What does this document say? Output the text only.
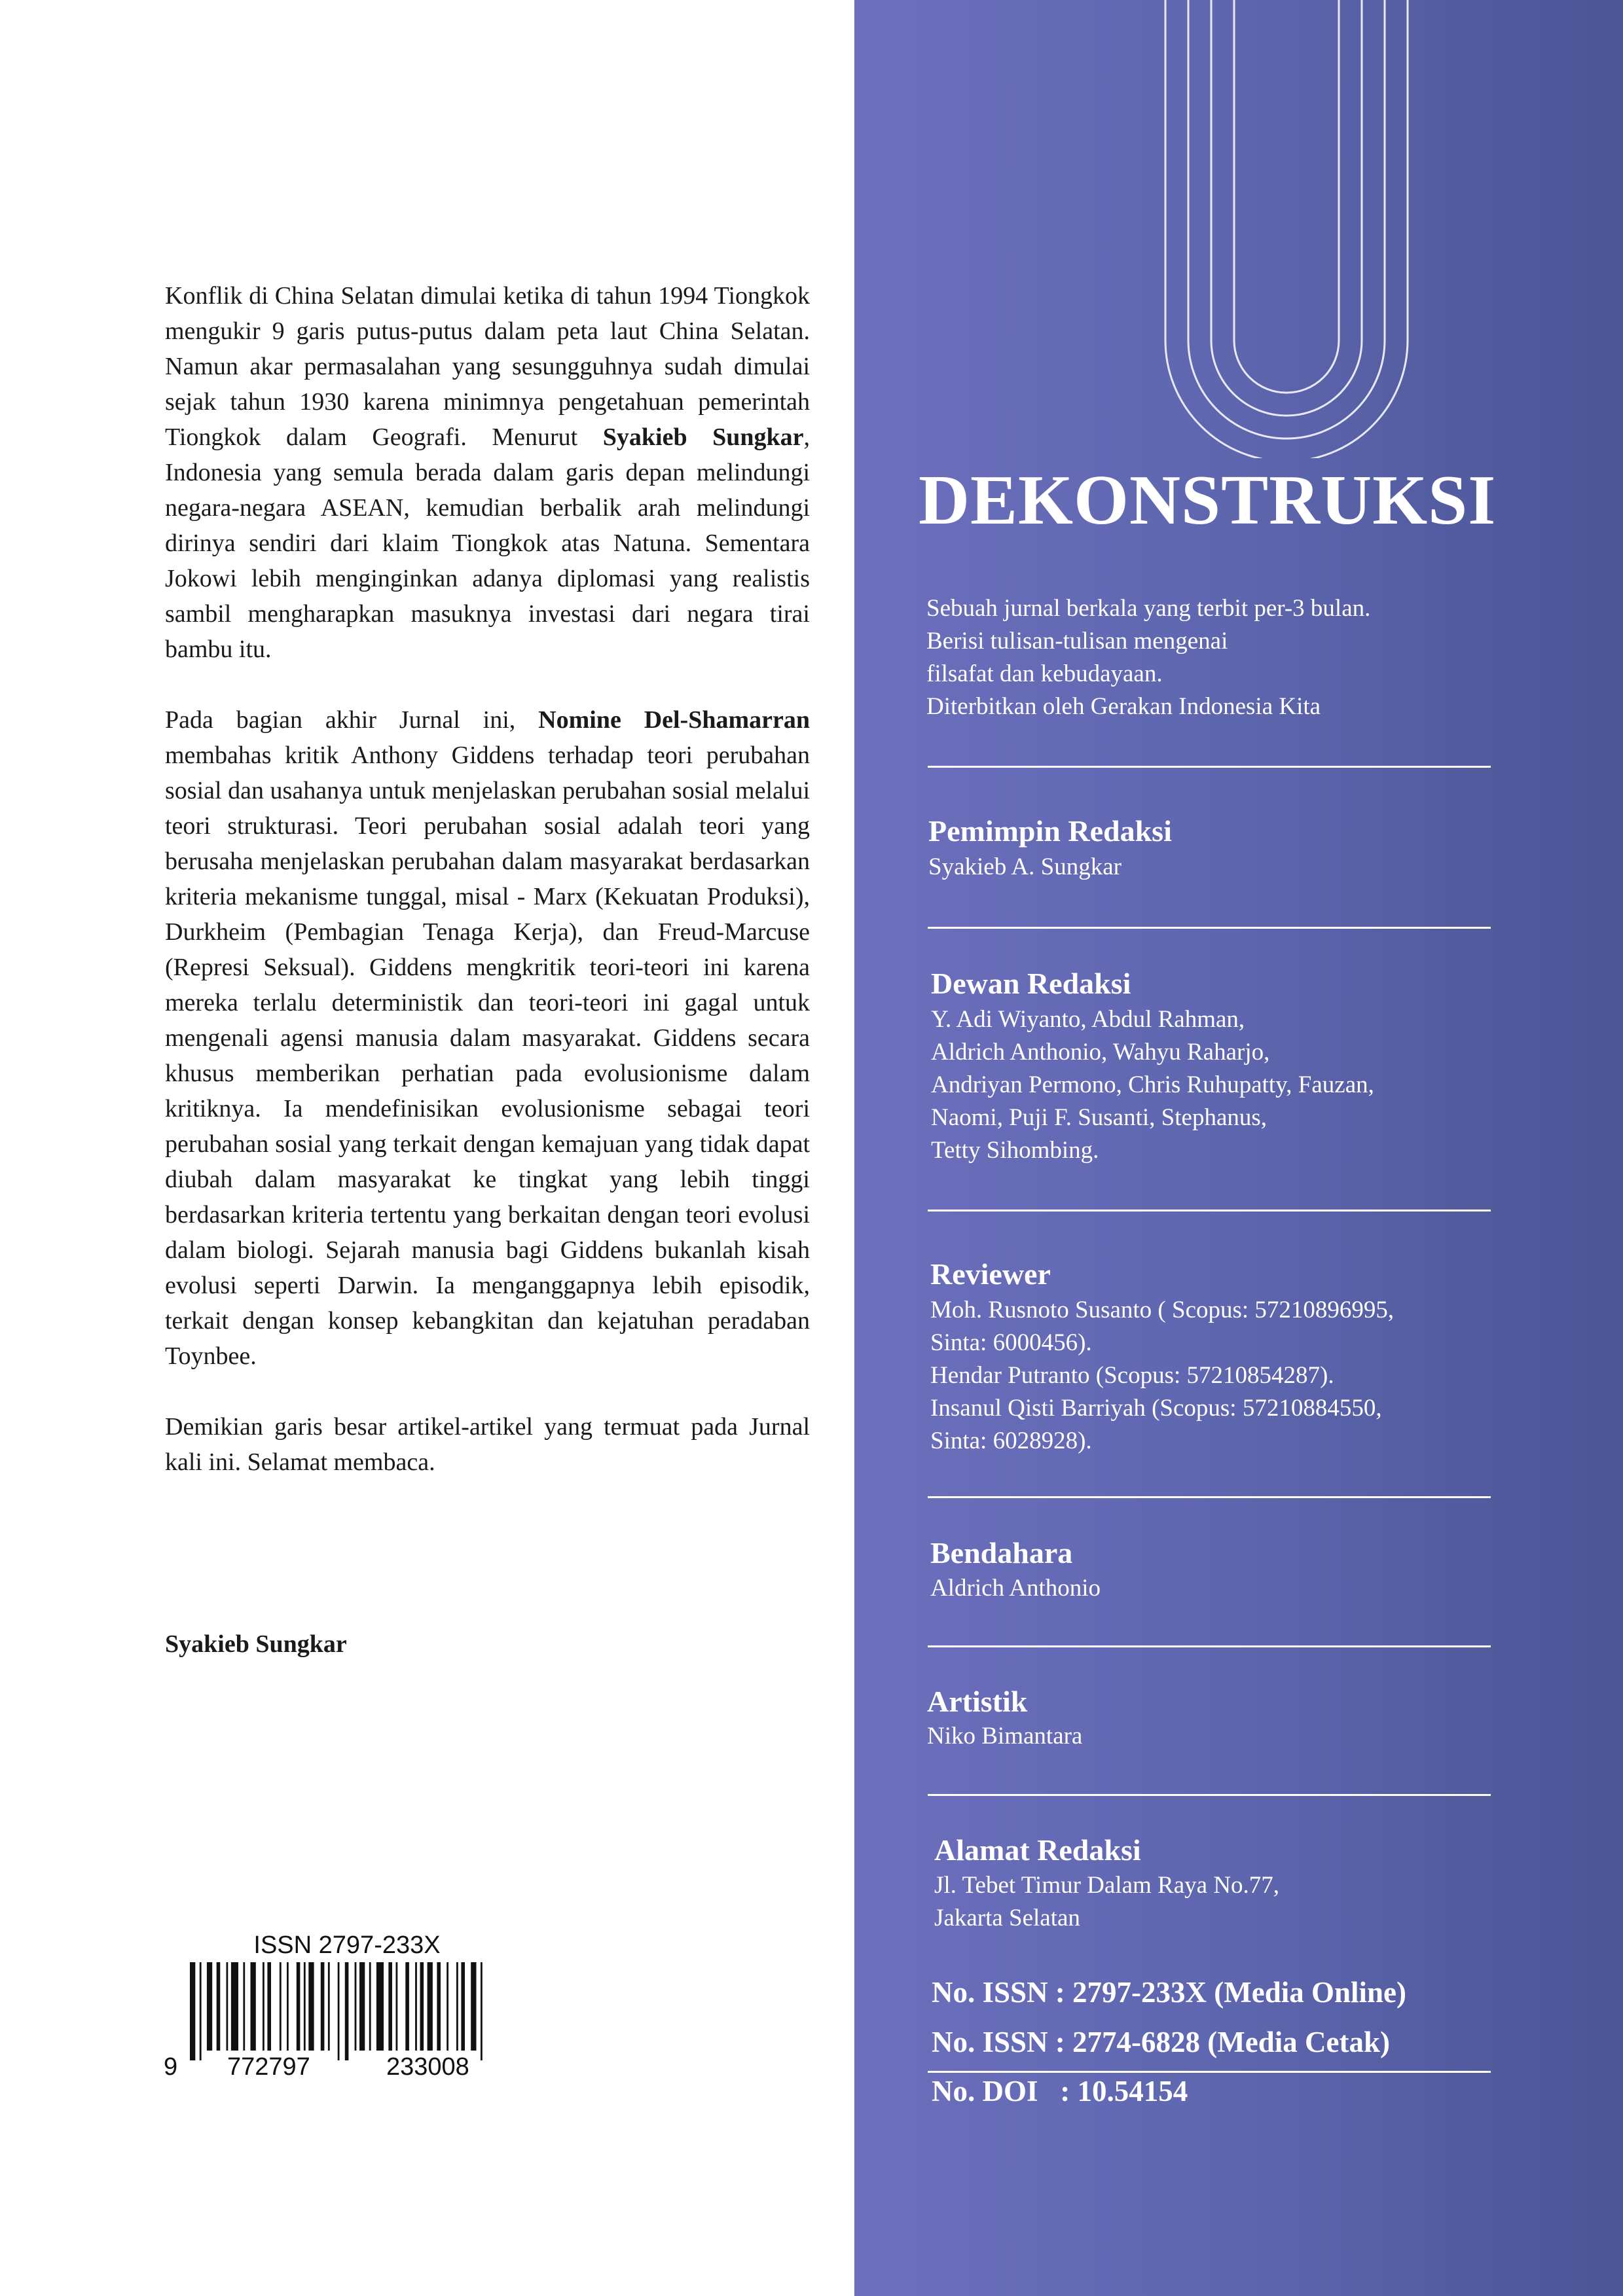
Konflik di China Selatan dimulai ketika di tahun 1994 Tiongkok mengukir 9 garis putus-putus dalam peta laut China Selatan. Namun akar permasalahan yang sesungguhnya sudah dimulai sejak tahun 1930 karena minimnya pengetahuan pemerintah Tiongkok dalam Geografi. Menurut Syakieb Sungkar, Indonesia yang semula berada dalam garis depan melindungi negara-negara ASEAN, kemudian berbalik arah melindungi dirinya sendiri dari klaim Tiongkok atas Natuna. Sementara Jokowi lebih menginginkan adanya diplomasi yang realistis sambil mengharapkan masuknya investasi dari negara tirai bambu itu.

Pada bagian akhir Jurnal ini, Nomine Del-Shamarran membahas kritik Anthony Giddens terhadap teori perubahan sosial dan usahanya untuk menjelaskan perubahan sosial melalui teori strukturasi. Teori perubahan sosial adalah teori yang berusaha menjelaskan perubahan dalam masyarakat berdasarkan kriteria mekanisme tunggal, misal - Marx (Kekuatan Produksi), Durkheim (Pembagian Tenaga Kerja), dan Freud-Marcuse (Represi Seksual). Giddens mengkritik teori-teori ini karena mereka terlalu deterministik dan teori-teori ini gagal untuk mengenali agensi manusia dalam masyarakat. Giddens secara khusus memberikan perhatian pada evolusionisme dalam kritiknya. Ia mendefinisikan evolusionisme sebagai teori perubahan sosial yang terkait dengan kemajuan yang tidak dapat diubah dalam masyarakat ke tingkat yang lebih tinggi berdasarkan kriteria tertentu yang berkaitan dengan teori evolusi dalam biologi. Sejarah manusia bagi Giddens bukanlah kisah evolusi seperti Darwin. Ia menganggapnya lebih episodik, terkait dengan konsep kebangkitan dan kejatuhan peradaban Toynbee.

Demikian garis besar artikel-artikel yang termuat pada Jurnal kali ini. Selamat membaca.

Syakieb Sungkar
ISSN 2797-233X
9 772797	233008
DEKONSTRUKSI
Sebuah jurnal berkala yang terbit per-3 bulan.
Berisi tulisan-tulisan mengenai
filsafat dan kebudayaan.
Diterbitkan oleh Gerakan Indonesia Kita
Pemimpin Redaksi
Syakieb A. Sungkar
Dewan Redaksi
Y. Adi Wiyanto, Abdul Rahman,
Aldrich Anthonio, Wahyu Raharjo,
Andriyan Permono, Chris Ruhupatty, Fauzan,
Naomi, Puji F. Susanti, Stephanus,
Tetty Sihombing.
Reviewer
Moh. Rusnoto Susanto ( Scopus: 57210896995,
Sinta: 6000456).
Hendar Putranto (Scopus: 57210854287).
Insanul Qisti Barriyah (Scopus: 57210884550,
Sinta: 6028928).
Bendahara
Aldrich Anthonio
Artistik
Niko Bimantara
Alamat Redaksi
Jl. Tebet Timur Dalam Raya No.77,
Jakarta Selatan
No. ISSN : 2797-233X (Media Online)
No. ISSN : 2774-6828 (Media Cetak)
No. DOI   : 10.54154
